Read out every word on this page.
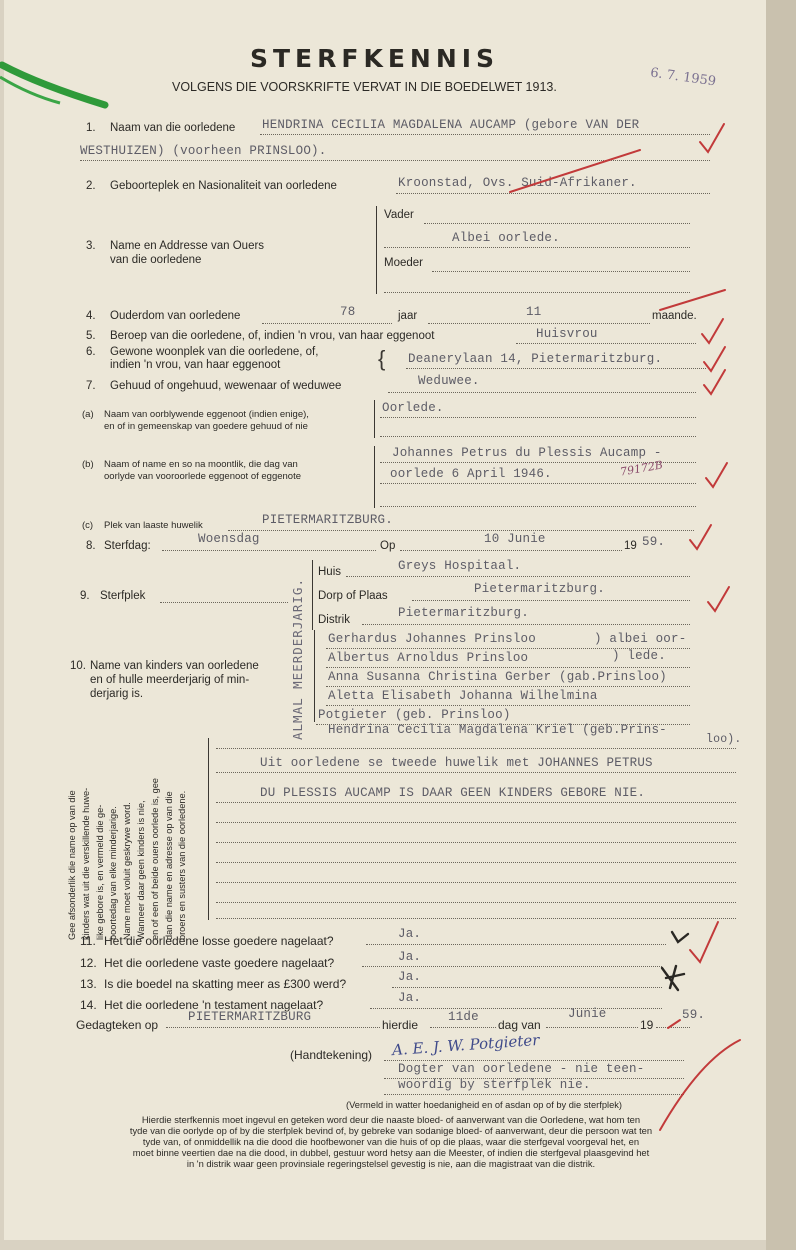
STERFKENNIS
VOLGENS DIE VOORSKRIFTE VERVAT IN DIE BOEDELWET 1913.	6. 7. 1959
1. Naam van die oorledene HENDRINA CECILIA MAGDALENA AUCAMP (gebore VAN DER
WESTHUIZEN) (voorheen PRINSLOO).
2. Geboorteplek en Nasionaliteit van oorledene	Kroonstad, Ovs. Suid-Afrikaner.
3. Name en Addresse van Ouers
van die oorledene
Vader
Albei oorlede.
Moeder
4. Ouderdom van oorledene	78	jaar	11	maande.
5. Beroep van die oorledene, of, indien 'n vrou, van haar eggenoot	Huisvrou
6. Gewone woonplek van die oorledene, of,
indien 'n vrou, van haar eggenoot	{ Deanerylaan 14, Pietermaritzburg.
7. Gehuud of ongehuud, wewenaar of weduwee	Weduwee.
(a) Naam van oorblywende eggenoot (indien enige),
en of in gemeenskap van goedere gehuud of nie
Oorlede.
(b) Naam of name en so na moontlik, die dag van
oorlyde van vooroorlede eggenoot of eggenote
Johannes Petrus du Plessis Aucamp -
oorlede 6 April 1946.	79172B
(c) Plek van laaste huwelik	PIETERMARITZBURG.
8. Sterfdag:	Woensdag	Op	10 Junie	19 59.
9. Sterfplek	ALMAL MEERDERJARIG.
Huis	Greys Hospitaal.
Dorp of Plaas	Pietermaritzburg.
Distrik	Pietermaritzburg.
10. Name van kinders van oorledene
en of hulle meerderjarig of min-
derjarig is.
Gerhardus Johannes Prinsloo	) albei oor-
Albertus Arnoldus Prinsloo	) lede.
Anna Susanna Christina Gerber (gab.Prinsloo)
Aletta Elisabeth Johanna Wilhelmina
Potgieter (geb. Prinsloo)
Gee afsonderlik die name op van die kinders wat uit die verskillende huwe- like gebore is, en vermeld die ge- boortedag van elke minderjarige. Name moet voluit geskrywe word. Wanneer daar geen kinders is nie, en of een of beide ouers oorlede is, gee dan die name en adresse op van die broers en susters van die oorledene.
Hendrina Cecilia Magdalena Kriel (geb.Prins-
loo).
Uit oorledene se tweede huwelik met JOHANNES PETRUS
DU PLESSIS AUCAMP IS DAAR GEEN KINDERS GEBORE NIE.
11. Het die oorledene losse goedere nagelaat?	Ja.
12. Het die oorledene vaste goedere nagelaat?	Ja.
13. Is die boedel na skatting meer as £300 werd?	Ja.
14. Het die oorledene 'n testament nagelaat?	Ja.
Gedagteken op
PIETERMARITZBURG
hierdie
11de
dag van
Junie
19
59.
(Handtekening) A. E. J. W. Potgieter
Dogter van oorledene - nie teen-
woordig by sterfplek nie.
(Vermeld in watter hoedanigheid en of asdan op of by die sterfplek)
Hierdie sterfkennis moet ingevul en geteken word deur die naaste bloed- of aanverwant van die Oorledene, wat hom ten
tyde van die oorlyde op of by die sterfplek bevind of, by gebreke van sodanige bloed- of aanverwant, deur die persoon wat ten
tyde van, of onmiddellik na die dood die hoofbewoner van die huis of op die plaas, waar die sterfgeval voorgeval het, en
moet binne veertien dae na die dood, in dubbel, gestuur word hetsy aan die Meester, of indien die sterfgeval plaasgevind het
in 'n distrik waar geen provinsiale regeringstelsel gevestig is nie, aan die magistraat van die distrik.
